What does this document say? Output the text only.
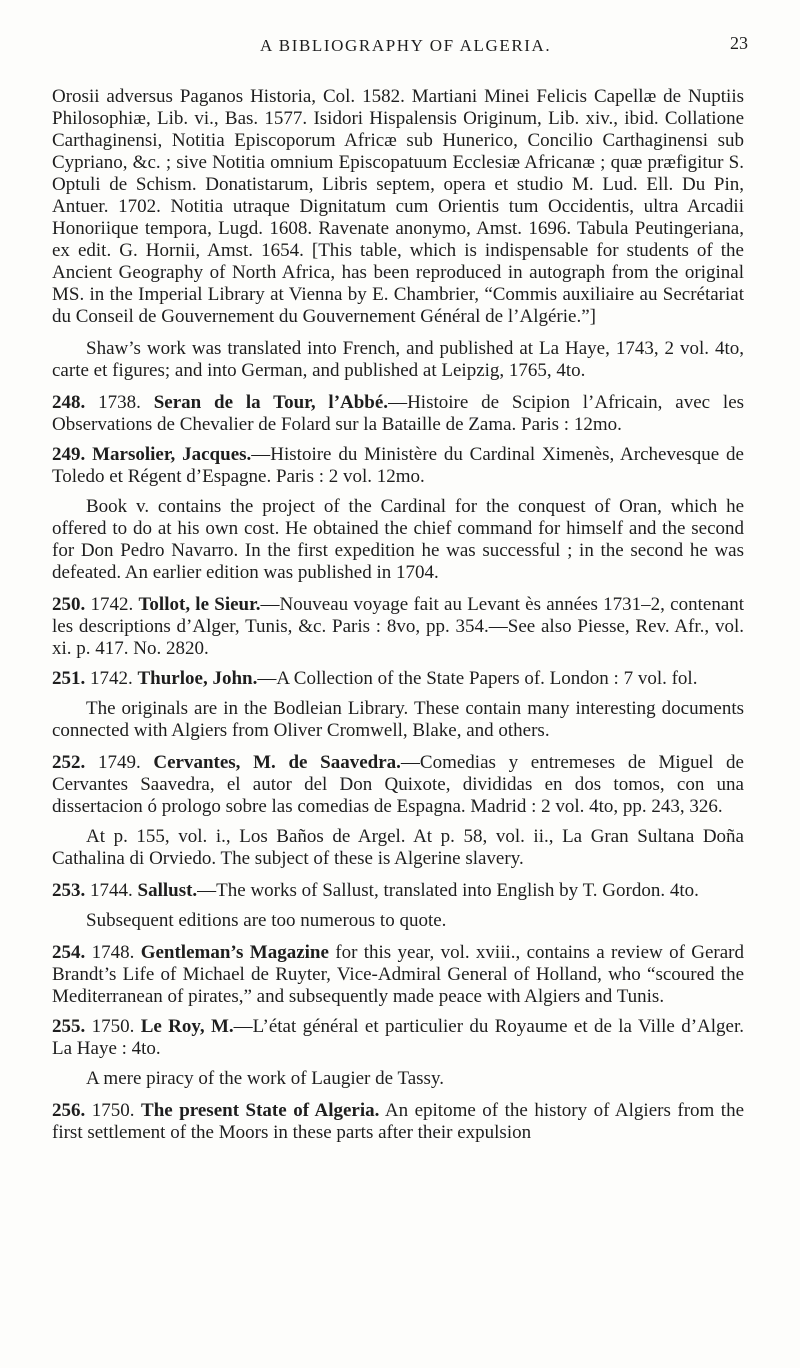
A BIBLIOGRAPHY OF ALGERIA.	23

Orosii adversus Paganos Historia, Col. 1582. Martiani Minei Felicis Capellæ de Nuptiis Philosophiæ, Lib. vi., Bas. 1577. Isidori Hispalensis Originum, Lib. xiv., ibid. Collatione Carthaginensi, Notitia Episcoporum Africæ sub Hunerico, Concilio Carthaginensi sub Cypriano, &c. ; sive Notitia omnium Episcopatuum Ecclesiæ Africanæ ; quæ præfigitur S. Optuli de Schism. Donatistarum, Libris septem, opera et studio M. Lud. Ell. Du Pin, Antuer. 1702. Notitia utraque Dignitatum cum Orientis tum Occidentis, ultra Arcadii Honoriique tempora, Lugd. 1608. Ravenate anonymo, Amst. 1696. Tabula Peutingeriana, ex edit. G. Hornii, Amst. 1654. [This table, which is indispensable for students of the Ancient Geography of North Africa, has been reproduced in autograph from the original MS. in the Imperial Library at Vienna by E. Chambrier, “Commis auxiliaire au Secrétariat du Conseil de Gouvernement du Gouvernement Général de l’Algérie.”]

Shaw’s work was translated into French, and published at La Haye, 1743, 2 vol. 4to, carte et figures; and into German, and published at Leipzig, 1765, 4to.

248. 1738. Seran de la Tour, l’Abbé.—Histoire de Scipion l’Africain, avec les Observations de Chevalier de Folard sur la Bataille de Zama. Paris : 12mo.

249. Marsolier, Jacques.—Histoire du Ministère du Cardinal Ximenès, Archevesque de Toledo et Régent d’Espagne. Paris : 2 vol. 12mo.

Book v. contains the project of the Cardinal for the conquest of Oran, which he offered to do at his own cost. He obtained the chief command for himself and the second for Don Pedro Navarro. In the first expedition he was successful ; in the second he was defeated. An earlier edition was published in 1704.

250. 1742. Tollot, le Sieur.—Nouveau voyage fait au Levant ès années 1731–2, contenant les descriptions d’Alger, Tunis, &c. Paris : 8vo, pp. 354.—See also Piesse, Rev. Afr., vol. xi. p. 417. No. 2820.

251. 1742. Thurloe, John.—A Collection of the State Papers of. London : 7 vol. fol.

The originals are in the Bodleian Library. These contain many interesting documents connected with Algiers from Oliver Cromwell, Blake, and others.

252. 1749. Cervantes, M. de Saavedra.—Comedias y entremeses de Miguel de Cervantes Saavedra, el autor del Don Quixote, divididas en dos tomos, con una dissertacion ó prologo sobre las comedias de Espagna. Madrid : 2 vol. 4to, pp. 243, 326.

At p. 155, vol. i., Los Baños de Argel. At p. 58, vol. ii., La Gran Sultana Doña Cathalina di Orviedo. The subject of these is Algerine slavery.

253. 1744. Sallust.—The works of Sallust, translated into English by T. Gordon. 4to.

Subsequent editions are too numerous to quote.

254. 1748. Gentleman’s Magazine for this year, vol. xviii., contains a review of Gerard Brandt’s Life of Michael de Ruyter, Vice-Admiral General of Holland, who “scoured the Mediterranean of pirates,” and subsequently made peace with Algiers and Tunis.

255. 1750. Le Roy, M.—L’état général et particulier du Royaume et de la Ville d’Alger. La Haye : 4to.

A mere piracy of the work of Laugier de Tassy.

256. 1750. The present State of Algeria. An epitome of the history of Algiers from the first settlement of the Moors in these parts after their expulsion
